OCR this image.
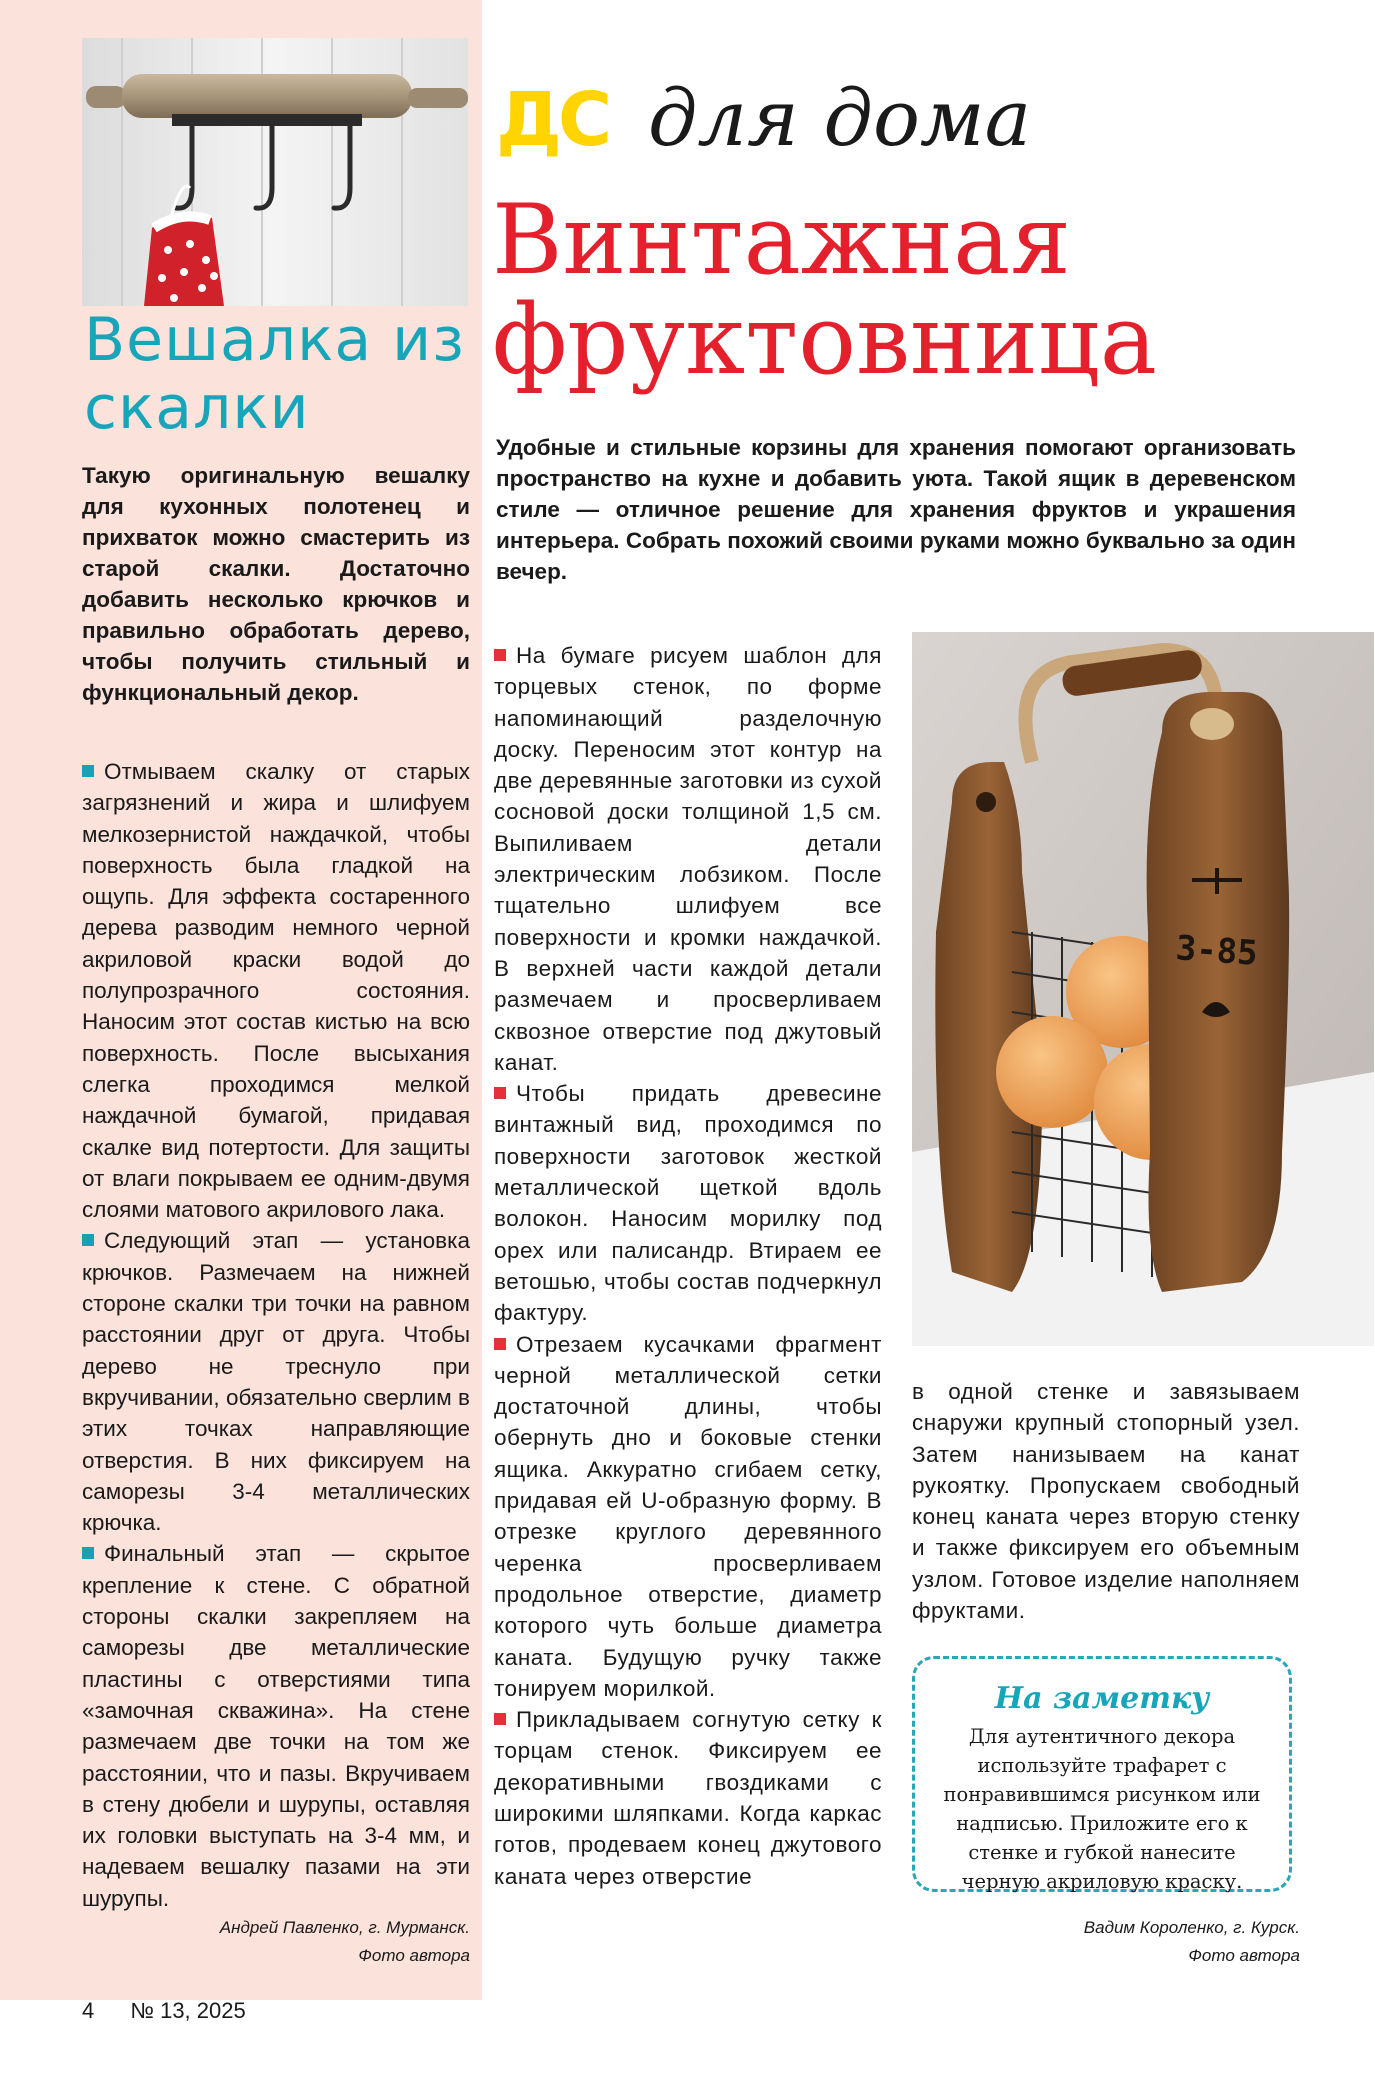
Вешалка из скалки
Такую оригинальную вешалку для кухонных полотенец и прихваток можно смастерить из старой скалки. Достаточно добавить несколько крючков и правильно обработать дерево, чтобы получить стильный и функциональный декор.

Отмываем скалку от старых загрязнений и жира и шлифуем мелкозернистой наждачкой, чтобы поверхность была гладкой на ощупь. Для эффекта состаренного дерева разводим немного черной акриловой краски водой до полупрозрачного состояния. Наносим этот состав кистью на всю поверхность. После высыхания слегка проходимся мелкой наждачной бумагой, придавая скалке вид потертости. Для защиты от влаги покрываем ее одним-двумя слоями матового акрилового лака.

Следующий этап — установка крючков. Размечаем на нижней стороне скалки три точки на равном расстоянии друг от друга. Чтобы дерево не треснуло при вкручивании, обязательно сверлим в этих точках направляющие отверстия. В них фиксируем на саморезы 3-4 металлических крючка.

Финальный этап — скрытое крепление к стене. С обратной стороны скалки закрепляем на саморезы две металлические пластины с отверстиями типа «замочная скважина». На стене размечаем две точки на том же расстоянии, что и пазы. Вкручиваем в стену дюбели и шурупы, оставляя их головки выступать на 3-4 мм, и надеваем вешалку пазами на эти шурупы.

Андрей Павленко, г. Мурманск.
Фото автора
ДС для дома
Винтажная
фруктовница
Удобные и стильные корзины для хранения помогают организовать пространство на кухне и добавить уюта. Такой ящик в деревенском стиле — отличное решение для хранения фруктов и украшения интерьера. Собрать похожий своими руками можно буквально за один вечер.

На бумаге рисуем шаблон для торцевых стенок, по форме напоминающий разделочную доску. Переносим этот контур на две деревянные заготовки из сухой сосновой доски толщиной 1,5 см. Выпиливаем детали электрическим лобзиком. После тщательно шлифуем все поверхности и кромки наждачкой. В верхней части каждой детали размечаем и просверливаем сквозное отверстие под джутовый канат.

Чтобы придать древесине винтажный вид, проходимся по поверхности заготовок жесткой металлической щеткой вдоль волокон. Наносим морилку под орех или палисандр. Втираем ее ветошью, чтобы состав подчеркнул фактуру.

Отрезаем кусачками фрагмент черной металлической сетки достаточной длины, чтобы обернуть дно и боковые стенки ящика. Аккуратно сгибаем сетку, придавая ей U-образную форму. В отрезке круглого деревянного черенка просверливаем продольное отверстие, диаметр которого чуть больше диаметра каната. Будущую ручку также тонируем морилкой.

Прикладываем согнутую сетку к торцам стенок. Фиксируем ее декоративными гвоздиками с широкими шляпками. Когда каркас готов, продеваем конец джутового каната через отверстие

3-85
в одной стенке и завязываем снаружи крупный стопорный узел. Затем нанизываем на канат рукоятку. Пропускаем свободный конец каната через вторую стенку и также фиксируем его объемным узлом. Готовое изделие наполняем фруктами.
На заметку
Для аутентичного декора используйте трафарет с понравившимся рисунком или надписью. Приложите его к стенке и губкой нанесите черную акриловую краску.
Вадим Короленко, г. Курск.
Фото автора
4 № 13, 2025
